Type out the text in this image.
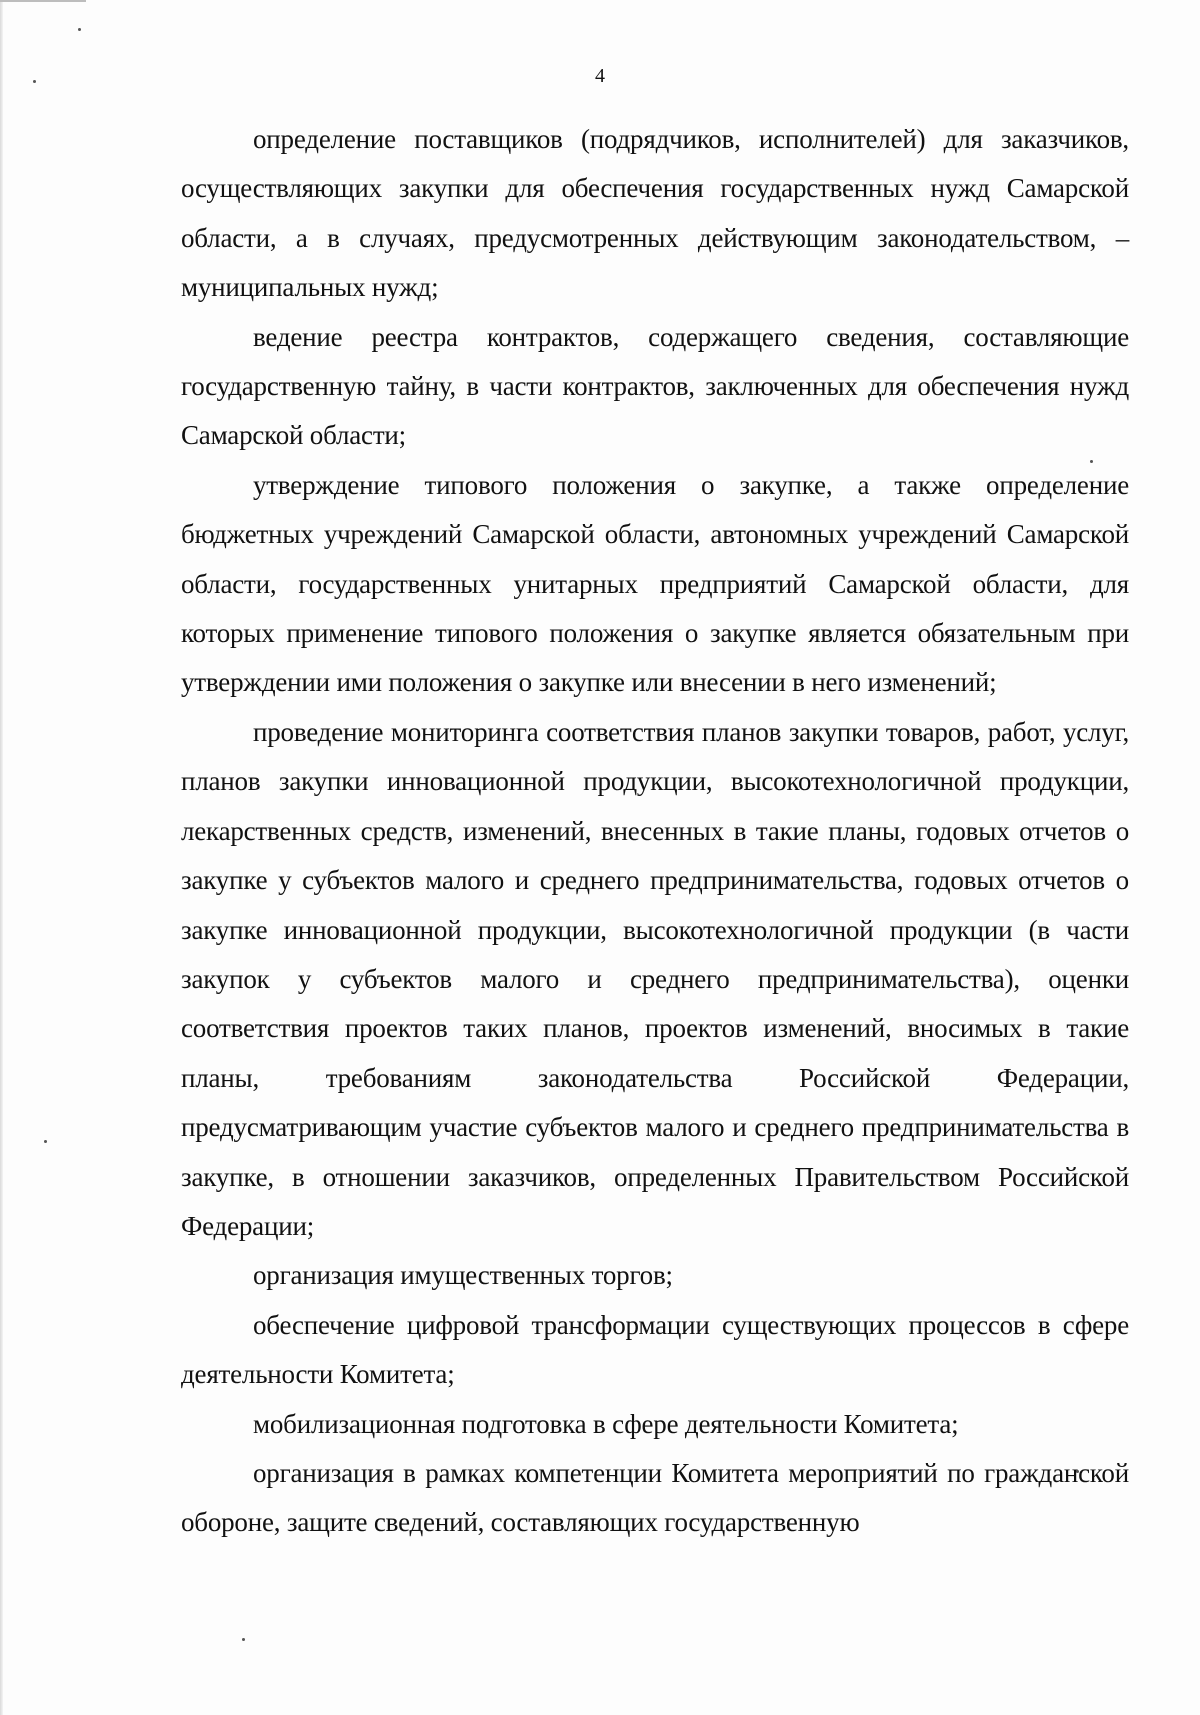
4

определение поставщиков (подрядчиков, исполнителей) для заказчиков, осуществляющих закупки для обеспечения государственных нужд Самарской области, а в случаях, предусмотренных действующим законодательством, – муниципальных нужд;

ведение реестра контрактов, содержащего сведения, составляющие государственную тайну, в части контрактов, заключенных для обеспечения нужд Самарской области;

утверждение типового положения о закупке, а также определение бюджетных учреждений Самарской области, автономных учреждений Самарской области, государственных унитарных предприятий Самарской области, для которых применение типового положения о закупке является обязательным при утверждении ими положения о закупке или внесении в него изменений;

проведение мониторинга соответствия планов закупки товаров, работ, услуг, планов закупки инновационной продукции, высокотехнологичной продукции, лекарственных средств, изменений, внесенных в такие планы, годовых отчетов о закупке у субъектов малого и среднего предпринимательства, годовых отчетов о закупке инновационной продукции, высокотехнологичной продукции (в части закупок у субъектов малого и среднего предпринимательства), оценки соответствия проектов таких планов, проектов изменений, вносимых в такие планы, требованиям законодательства Российской Федерации, предусматривающим участие субъектов малого и среднего предпринимательства в закупке, в отношении заказчиков, определенных Правительством Российской Федерации;

организация имущественных торгов;

обеспечение цифровой трансформации существующих процессов в сфере деятельности Комитета;

мобилизационная подготовка в сфере деятельности Комитета;

организация в рамках компетенции Комитета мероприятий по гражданской обороне, защите сведений, составляющих государственную
